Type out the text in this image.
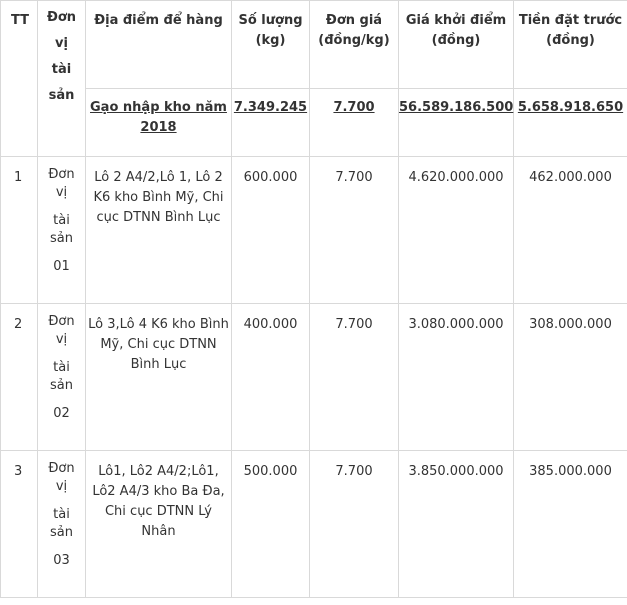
TT	Đơn
vị
tài
sản	Địa điểm để hàng	Số lượng (kg)	Đơn giá (đồng/kg)	Giá khởi điểm (đồng)	Tiền đặt trước (đồng)
		Gạo nhập kho năm 2018	7.349.245	7.700	56.589.186.500	5.658.918.650
1	Đơn
vị
tài
sản
01	Lô 2 A4/2,Lô 1, Lô 2 K6 kho Bình Mỹ, Chi cục DTNN Bình Lục	600.000	7.700	4.620.000.000	462.000.000
2	Đơn
vị
tài
sản
02	Lô 3,Lô 4 K6 kho Bình Mỹ, Chi cục DTNN Bình Lục	400.000	7.700	3.080.000.000	308.000.000
3	Đơn
vị
tài
sản
03	Lô1, Lô2 A4/2;Lô1, Lô2 A4/3 kho Ba Đa, Chi cục DTNN Lý Nhân	500.000	7.700	3.850.000.000	385.000.000
